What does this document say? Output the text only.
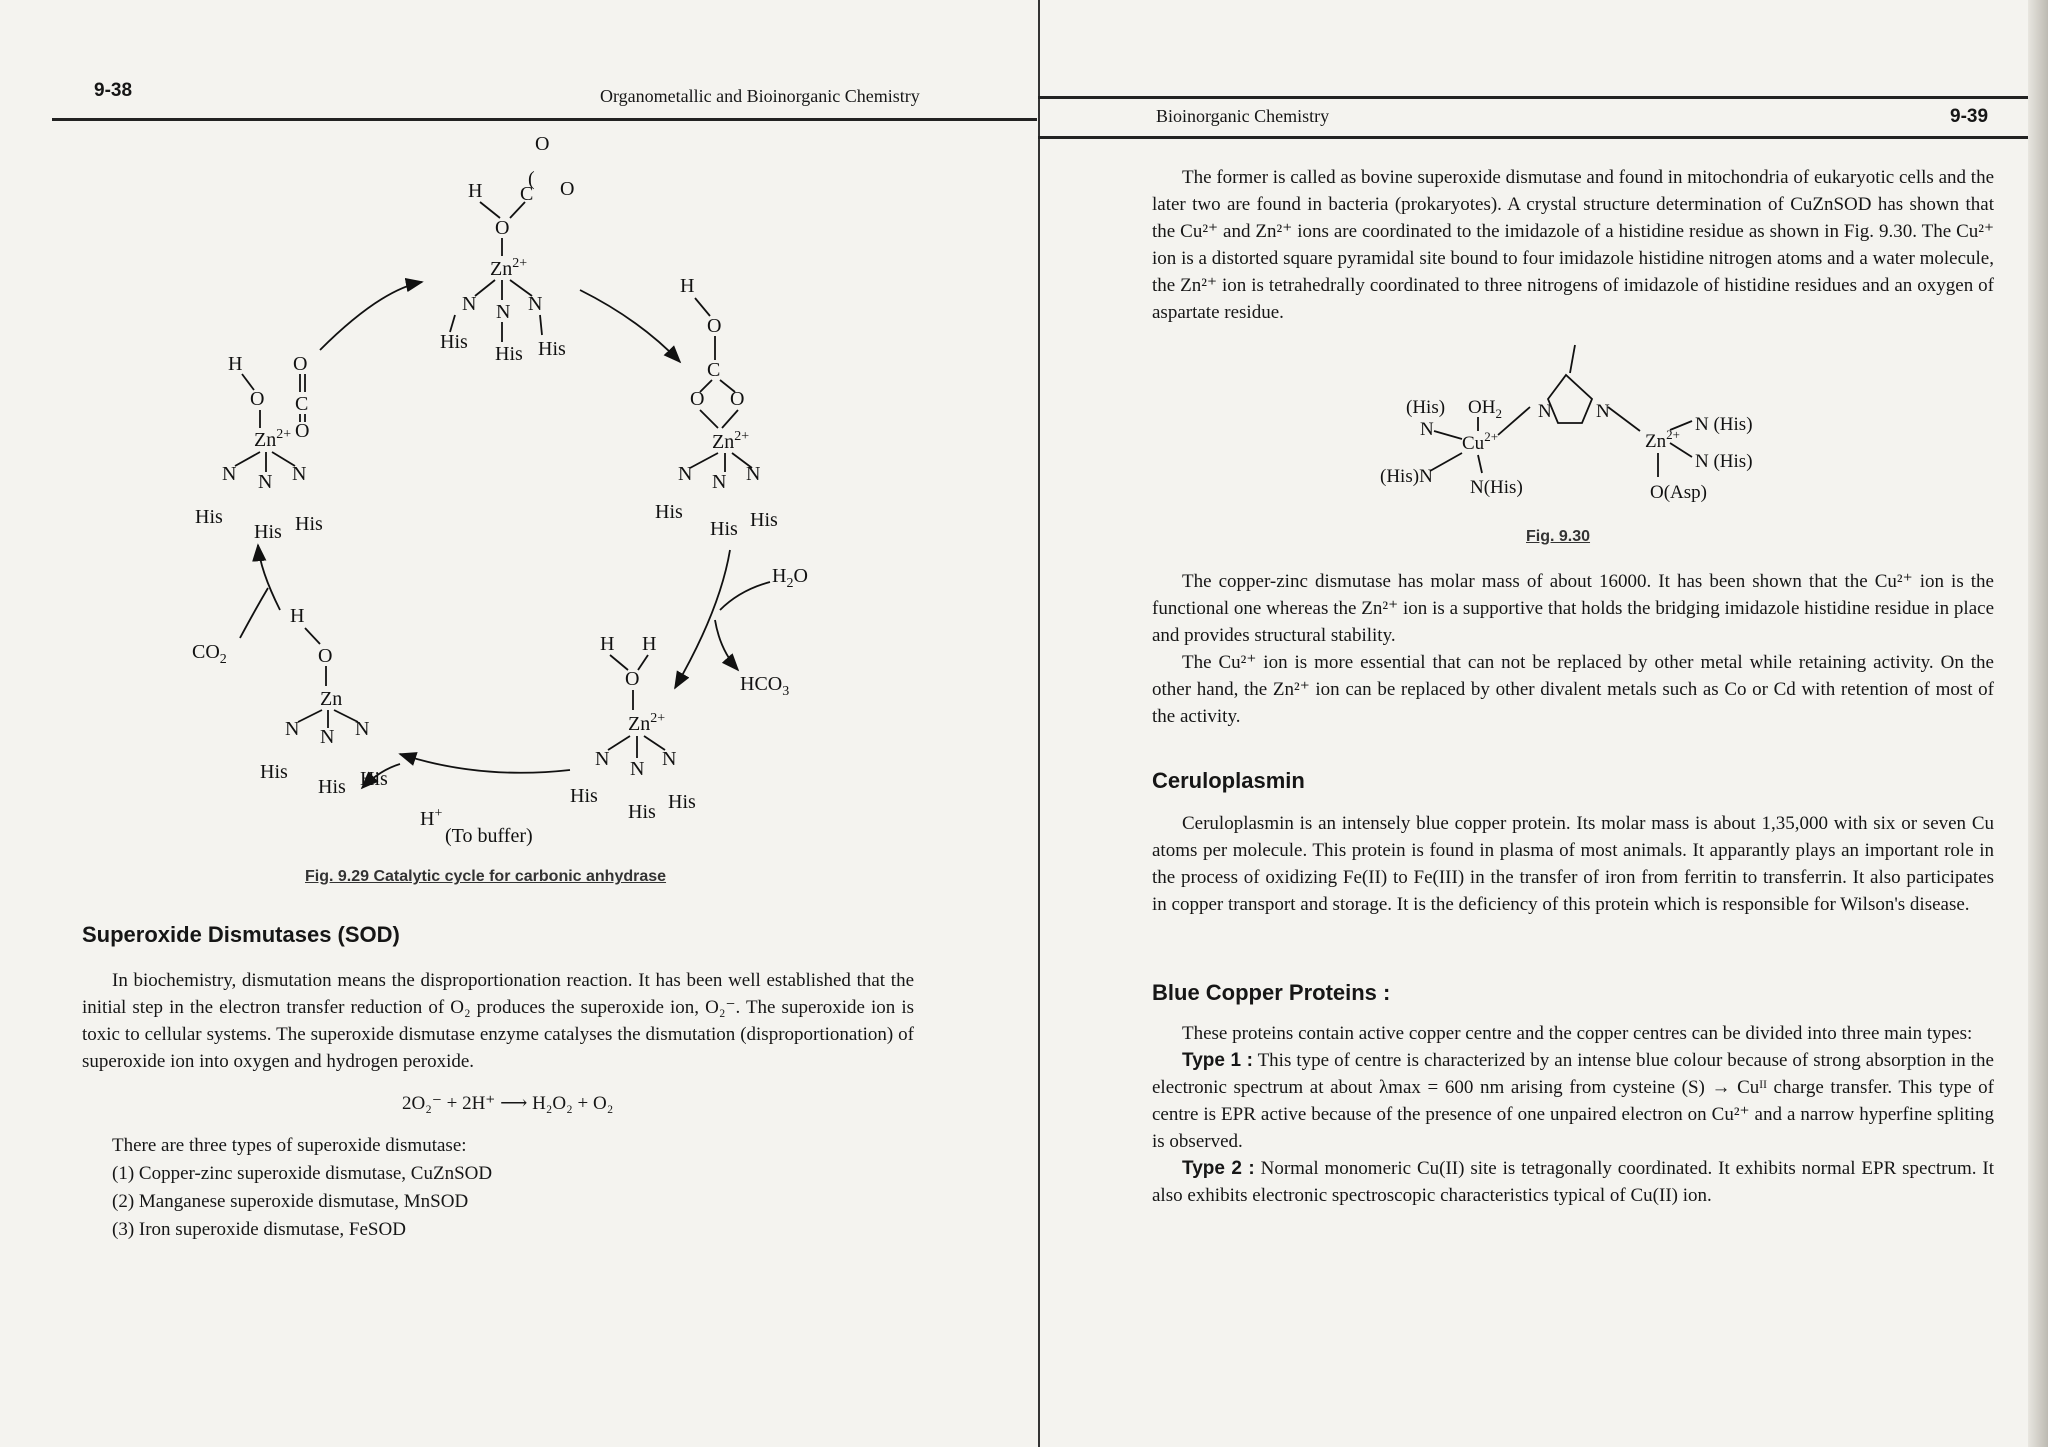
9-38	Organometallic and Bioinorganic Chemistry
Bioinorganic Chemistry	9-39
O
(
C O
H
O
$Zn^{2+}$
N N N
His
His His
H
O
C
O O
$Zn^{2+}$
N N N
His
His His
O
C
O
H
O
$Zn^{2+}$
N N N
His
His His
H
O
Zn
N N N
His
His His
$CO_2$
H H
O
$Zn^{2+}$
N N N
His
His His
$H_2O$
$HCO_3$
H+
(To buffer)
Fig. 9.29 Catalytic cycle for carbonic anhydrase
Superoxide Dismutases (SOD)

In biochemistry, dismutation means the disproportionation reaction. It has been well established that the initial step in the electron transfer reduction of O₂ produces the superoxide ion, O₂⁻. The superoxide ion is toxic to cellular systems. The superoxide dismutase enzyme catalyses the dismutation (disproportionation) of superoxide ion into oxygen and hydrogen peroxide.

2O₂⁻ + 2H⁺ ⟶ H₂O₂ + O₂
There are three types of superoxide dismutase:
(1) Copper-zinc superoxide dismutase, CuZnSOD
(2) Manganese superoxide dismutase, MnSOD
(3) Iron superoxide dismutase, FeSOD

The former is called as bovine superoxide dismutase and found in mitochondria of eukaryotic cells and the later two are found in bacteria (prokaryotes). A crystal structure determination of CuZnSOD has shown that the Cu²⁺ and Zn²⁺ ions are coordinated to the imidazole of a histidine residue as shown in Fig. 9.30. The Cu²⁺ ion is a distorted square pyramidal site bound to four imidazole histidine nitrogen atoms and a water molecule, the Zn²⁺ ion is tetrahedrally coordinated to three nitrogens of imidazole of histidine residues and an oxygen of aspartate residue.

(His) $OH_2$
N
$Cu^{2+}$
(His)N
N(His)
N N
$Zn^{2+}$ N (His)
N (His)
O(Asp)
Fig. 9.30

The copper-zinc dismutase has molar mass of about 16000. It has been shown that the Cu²⁺ ion is the functional one whereas the Zn²⁺ ion is a supportive that holds the bridging imidazole histidine residue in place and provides structural stability.

The Cu²⁺ ion is more essential that can not be replaced by other metal while retaining activity. On the other hand, the Zn²⁺ ion can be replaced by other divalent metals such as Co or Cd with retention of most of the activity.

Ceruloplasmin

Ceruloplasmin is an intensely blue copper protein. Its molar mass is about 1,35,000 with six or seven Cu atoms per molecule. This protein is found in plasma of most animals. It apparantly plays an important role in the process of oxidizing Fe(II) to Fe(III) in the transfer of iron from ferritin to transferrin. It also participates in copper transport and storage. It is the deficiency of this protein which is responsible for Wilson's disease.

Blue Copper Proteins :

These proteins contain active copper centre and the copper centres can be divided into three main types:

Type 1 : This type of centre is characterized by an intense blue colour because of strong absorption in the electronic spectrum at about λmax = 600 nm arising from cysteine (S) → Cuᴵᴵ charge transfer. This type of centre is EPR active because of the presence of one unpaired electron on Cu²⁺ and a narrow hyperfine spliting is observed.

Type 2 : Normal monomeric Cu(II) site is tetragonally coordinated. It exhibits normal EPR spectrum. It also exhibits electronic spectroscopic characteristics typical of Cu(II) ion.
